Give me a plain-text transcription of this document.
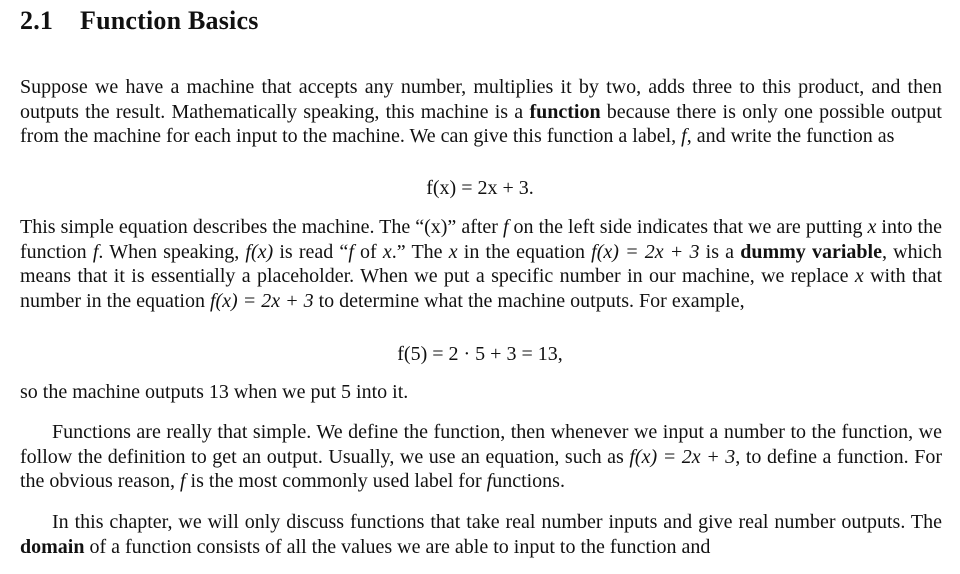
2.1 Function Basics
Suppose we have a machine that accepts any number, multiplies it by two, adds three to this product, and then outputs the result. Mathematically speaking, this machine is a function because there is only one possible output from the machine for each input to the machine. We can give this function a label, f, and write the function as
f(x) = 2x + 3.
This simple equation describes the machine. The “(x)” after f on the left side indicates that we are putting x into the function f. When speaking, f(x) is read “f of x.” The x in the equation f(x) = 2x + 3 is a dummy variable, which means that it is essentially a placeholder. When we put a specific number in our machine, we replace x with that number in the equation f(x) = 2x + 3 to determine what the machine outputs. For example,
f(5) = 2 · 5 + 3 = 13,
so the machine outputs 13 when we put 5 into it.
Functions are really that simple. We define the function, then whenever we input a number to the function, we follow the definition to get an output. Usually, we use an equation, such as f(x) = 2x + 3, to define a function. For the obvious reason, f is the most commonly used label for functions.
In this chapter, we will only discuss functions that take real number inputs and give real number outputs. The domain of a function consists of all the values we are able to input to the function and
